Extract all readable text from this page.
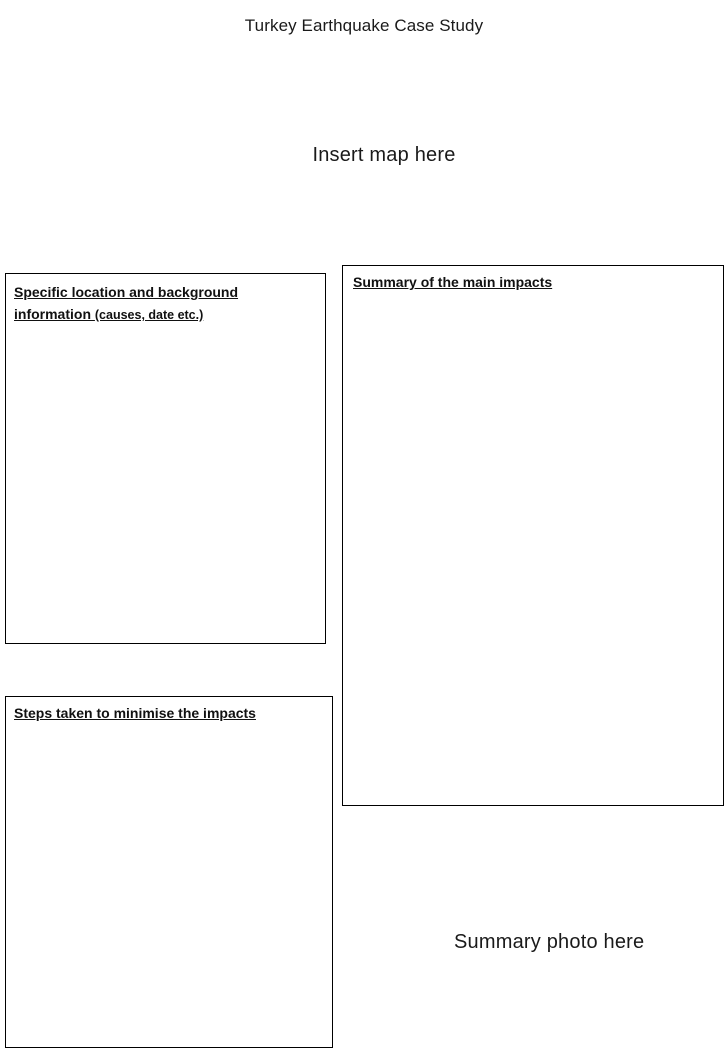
Turkey Earthquake Case Study
Insert map here

Specific location and background information (causes, date etc.)

Summary of the main impacts

Steps taken to minimise the impacts

Summary photo here
